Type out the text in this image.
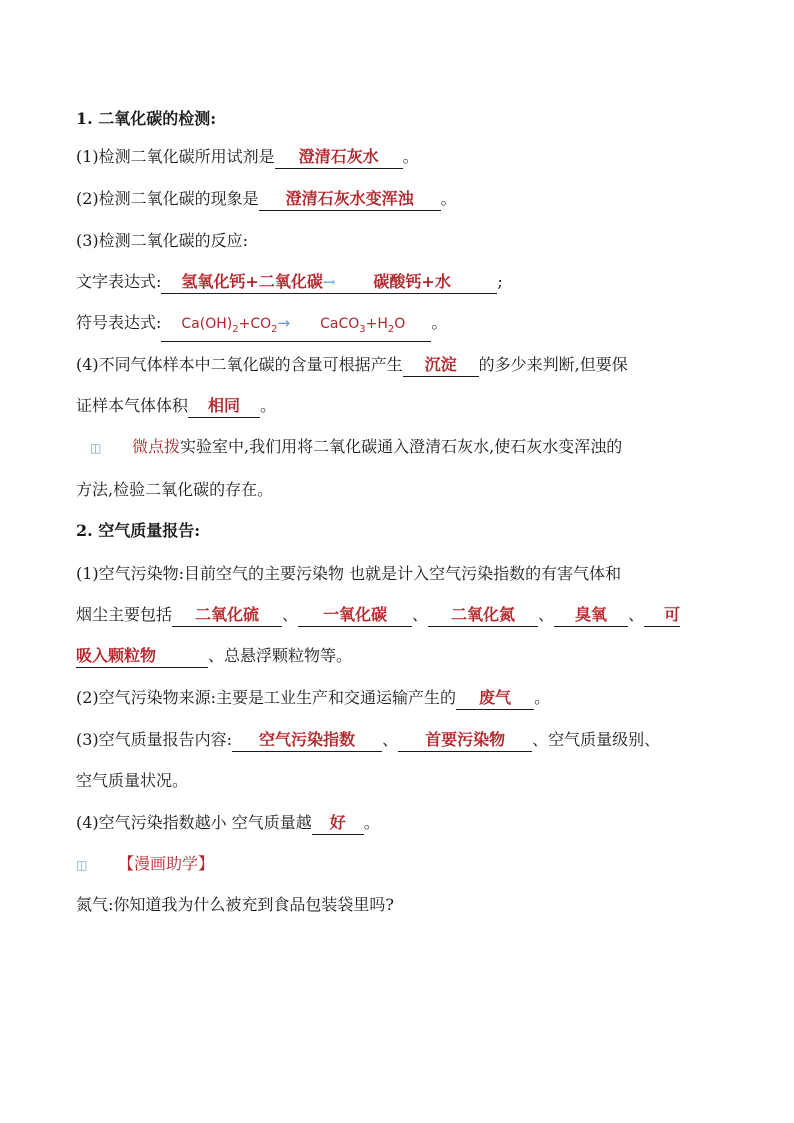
1. 二氧化碳的检测:
(1)检测二氧化碳所用试剂是 澄清石灰水 。
(2)检测二氧化碳的现象是 澄清石灰水变浑浊 。
(3)检测二氧化碳的反应:
文字表达式: 氢氧化钙+二氧化碳→ 碳酸钙+水	;
符号表达式: $Ca(OH)_2+CO_2\to$ $CaCO_3+H_2O$ 。
(4)不同气体样本中二氧化碳的含量可根据产生 沉淀 的多少来判断,但要保
证样本气体体积 相同 。
◫ 微点拨实验室中,我们用将二氧化碳通入澄清石灰水,使石灰水变浑浊的
方法,检验二氧化碳的存在。
2. 空气质量报告:
(1)空气污染物:目前空气的主要污染物 也就是计入空气污染指数的有害气体和
烟尘主要包括 二氧化硫 、 一氧化碳 、 二氧化氮 、 臭氧 、 可
吸入颗粒物	、总悬浮颗粒物等。
(2)空气污染物来源:主要是工业生产和交通运输产生的 废气 。
(3)空气质量报告内容: 空气污染指数 、 首要污染物 、空气质量级别、
空气质量状况。
(4)空气污染指数越小 空气质量越 好 。
◫ 【漫画助学】
氮气:你知道我为什么被充到食品包装袋里吗?
